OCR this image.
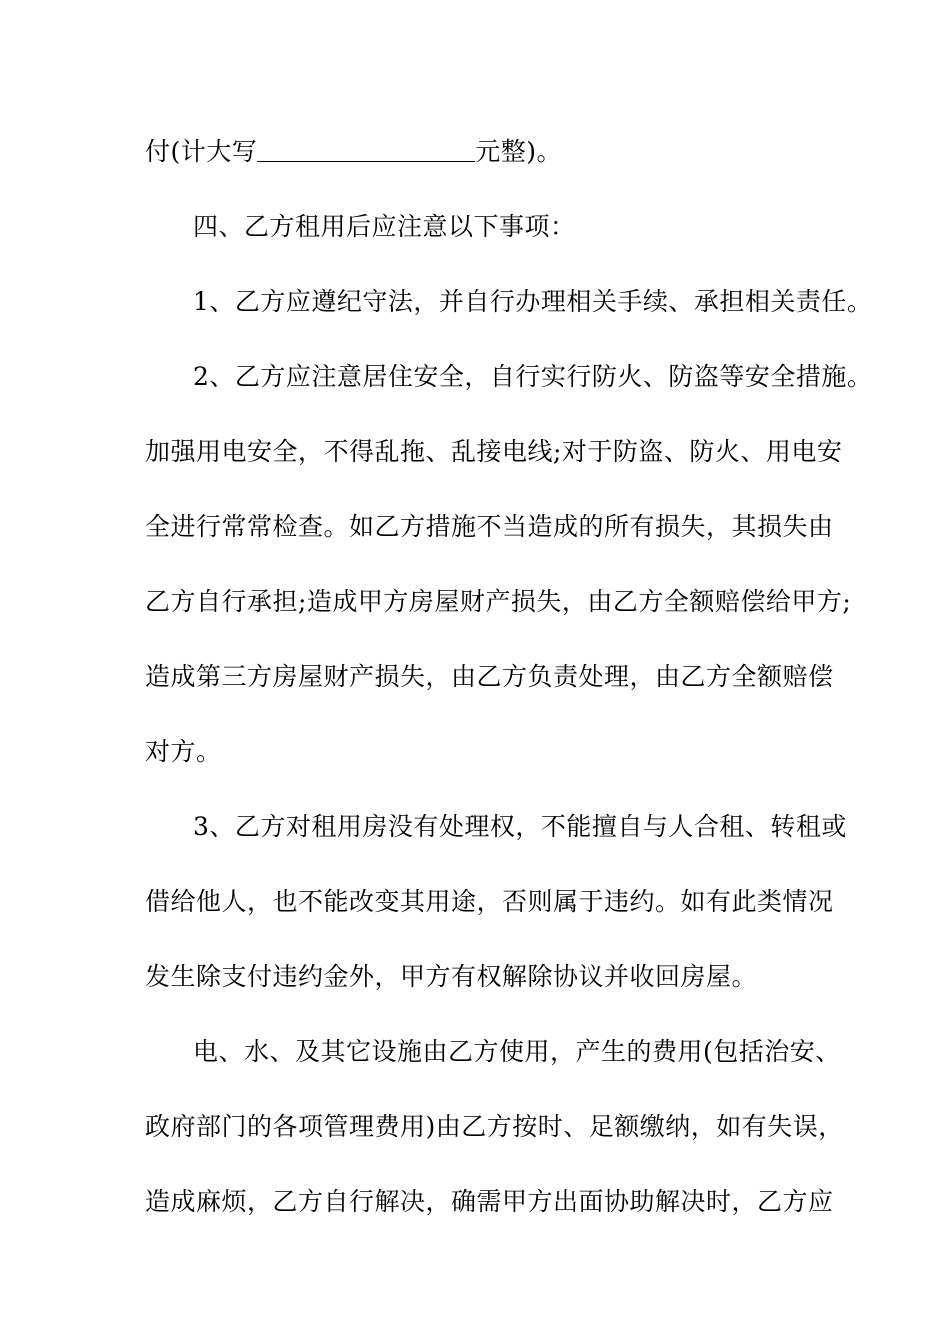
付(计大写	元整)。
四、乙方租用后应注意以下事项：
1、乙方应遵纪守法，并自行办理相关手续、承担相关责任。
2、乙方应注意居住安全，自行实行防火、防盗等安全措施。
加强用电安全，不得乱拖、乱接电线;对于防盗、防火、用电安
全进行常常检查。如乙方措施不当造成的所有损失，其损失由
乙方自行承担;造成甲方房屋财产损失，由乙方全额赔偿给甲方;
造成第三方房屋财产损失，由乙方负责处理，由乙方全额赔偿
对方。
3、乙方对租用房没有处理权，不能擅自与人合租、转租或
借给他人，也不能改变其用途，否则属于违约。如有此类情况
发生除支付违约金外，甲方有权解除协议并收回房屋。
电、水、及其它设施由乙方使用，产生的费用(包括治安、
政府部门的各项管理费用)由乙方按时、足额缴纳，如有失误，
造成麻烦，乙方自行解决，确需甲方出面协助解决时，乙方应
